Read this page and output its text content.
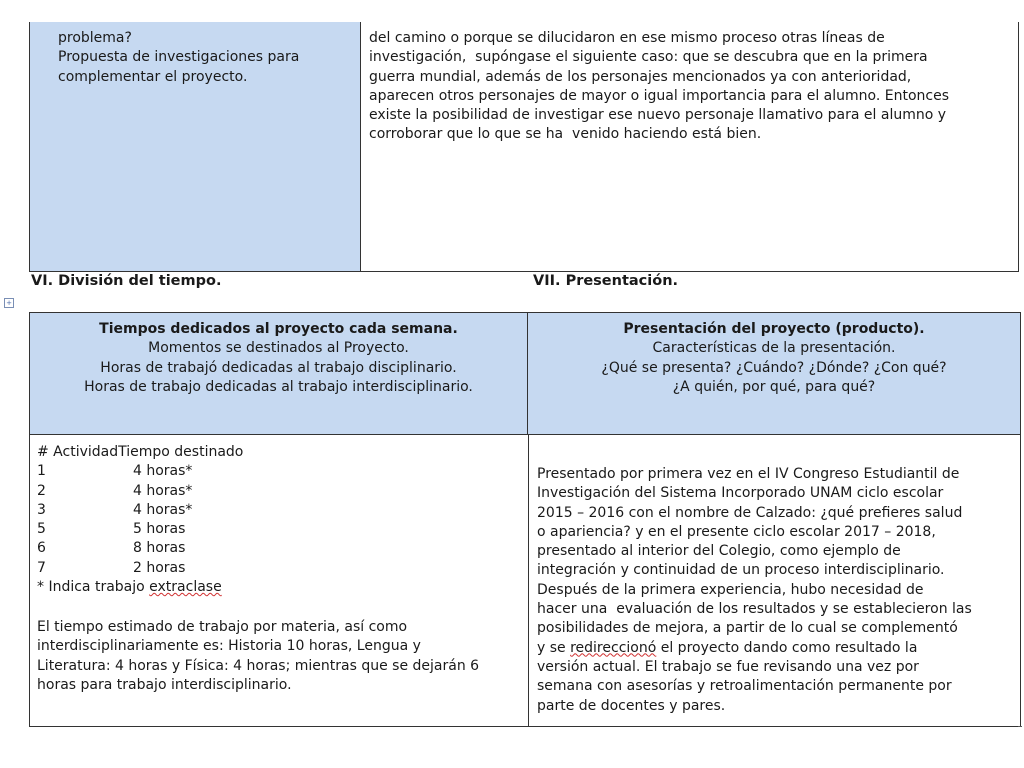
problema?
Propuesta de investigaciones para
complementar el proyecto.
del camino o porque se dilucidaron en ese mismo proceso otras líneas de
investigación,  supóngase el siguiente caso: que se descubra que en la primera
guerra mundial, además de los personajes mencionados ya con anterioridad,
aparecen otros personajes de mayor o igual importancia para el alumno. Entonces
existe la posibilidad de investigar ese nuevo personaje llamativo para el alumno y
corroborar que lo que se ha  venido haciendo está bien.
VI. División del tiempo.	VII. Presentación.
+
Tiempos dedicados al proyecto cada semana.
Momentos se destinados al Proyecto.
Horas de trabajó dedicadas al trabajo disciplinario.
Horas de trabajo dedicadas al trabajo interdisciplinario.
Presentación del proyecto (producto).
Características de la presentación.
¿Qué se presenta? ¿Cuándo? ¿Dónde? ¿Con qué?
¿A quién, por qué, para qué?
# Actividad Tiempo destinado
1	4 horas*
2	4 horas*
3	4 horas*
5	5 horas
6	8 horas
7	2 horas
* Indica trabajo extraclase
El tiempo estimado de trabajo por materia, así como
interdisciplinariamente es: Historia 10 horas, Lengua y
Literatura: 4 horas y Física: 4 horas; mientras que se dejarán 6
horas para trabajo interdisciplinario.
Presentado por primera vez en el IV Congreso Estudiantil de
Investigación del Sistema Incorporado UNAM ciclo escolar
2015 – 2016 con el nombre de Calzado: ¿qué prefieres salud
o apariencia? y en el presente ciclo escolar 2017 – 2018,
presentado al interior del Colegio, como ejemplo de
integración y continuidad de un proceso interdisciplinario.
Después de la primera experiencia, hubo necesidad de
hacer una  evaluación de los resultados y se establecieron las
posibilidades de mejora, a partir de lo cual se complementó
y se redireccionó el proyecto dando como resultado la
versión actual. El trabajo se fue revisando una vez por
semana con asesorías y retroalimentación permanente por
parte de docentes y pares.
